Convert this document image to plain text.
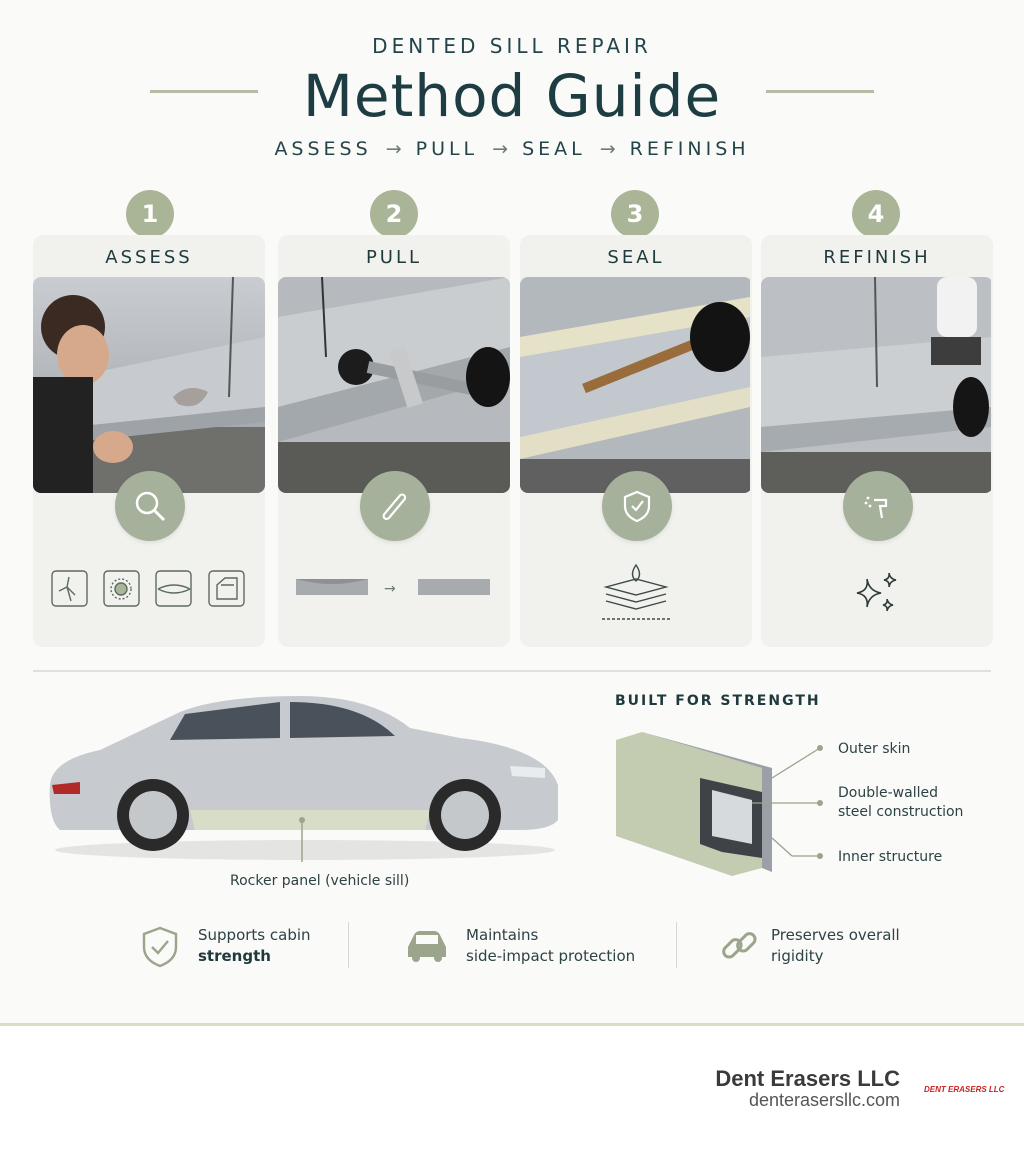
DENTED SILL REPAIR
Method Guide
ASSESS → PULL → SEAL → REFINISH
1	2	3	4
ASSESS	PULL
→
SEAL	REFINISH
Rocker panel (vehicle sill)
BUILT FOR STRENGTH
Outer skin
Double-walled
steel construction
Inner structure
Supports cabin
strength
Maintains
side-impact protection
Preserves overall
rigidity
Dent Erasers LLC
denterasersllc.com
DENT ERASERS LLC
